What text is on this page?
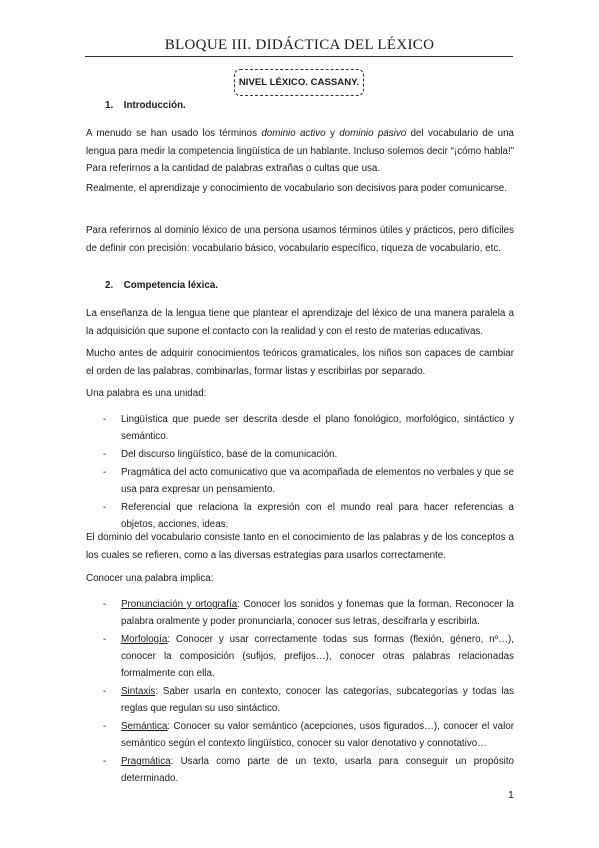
BLOQUE III. DIDÁCTICA DEL LÉXICO
NIVEL LÉXICO. CASSANY.
1. Introducción.

A menudo se han usado los términos dominio activo y dominio pasivo del vocabulario de una lengua para medir la competencia lingüística de un hablante. Incluso solemos decir “¡cómo habla!” Para referirnos a la cantidad de palabras extrañas o cultas que usa.

Realmente, el aprendizaje y conocimiento de vocabulario son decisivos para poder comunicarse.

Para referirnos al dominio léxico de una persona usamos términos útiles y prácticos, pero difíciles de definir con precisión: vocabulario básico, vocabulario específico, riqueza de vocabulario, etc.

2. Competencia léxica.

La enseñanza de la lengua tiene que plantear el aprendizaje del léxico de una manera paralela a la adquisición que supone el contacto con la realidad y con el resto de materias educativas.

Mucho antes de adquirir conocimientos teóricos gramaticales, los niños son capaces de cambiar el orden de las palabras, combinarlas, formar listas y escribirlas por separado.

Una palabra es una unidad:

- Lingüística que puede ser descrita desde el plano fonológico, morfológico, sintáctico y semántico.
- Del discurso lingüístico, base de la comunicación.
- Pragmática del acto comunicativo que va acompañada de elementos no verbales y que se usa para expresar un pensamiento.
- Referencial que relaciona la expresión con el mundo real para hacer referencias a objetos, acciones, ideas.

El dominio del vocabulario consiste tanto en el conocimiento de las palabras y de los conceptos a los cuales se refieren, como a las diversas estrategias para usarlos correctamente.

Conocer una palabra implica:

- Pronunciación y ortografía: Conocer los sonidos y fonemas que la forman. Reconocer la palabra oralmente y poder pronunciarla, conocer sus letras, descifrarla y escribirla.
- Morfología: Conocer y usar correctamente todas sus formas (flexión, género, nº…), conocer la composición (sufijos, prefijos…), conocer otras palabras relacionadas formalmente con ella.
- Sintaxis: Saber usarla en contexto, conocer las categorías, subcategorías y todas las reglas que regulan su uso sintáctico.
- Semántica: Conocer su valor semántico (acepciones, usos figurados…), conocer el valor semántico según el contexto lingüístico, conocer su valor denotativo y connotativo…
- Pragmática: Usarla como parte de un texto, usarla para conseguir un propósito determinado.
1
